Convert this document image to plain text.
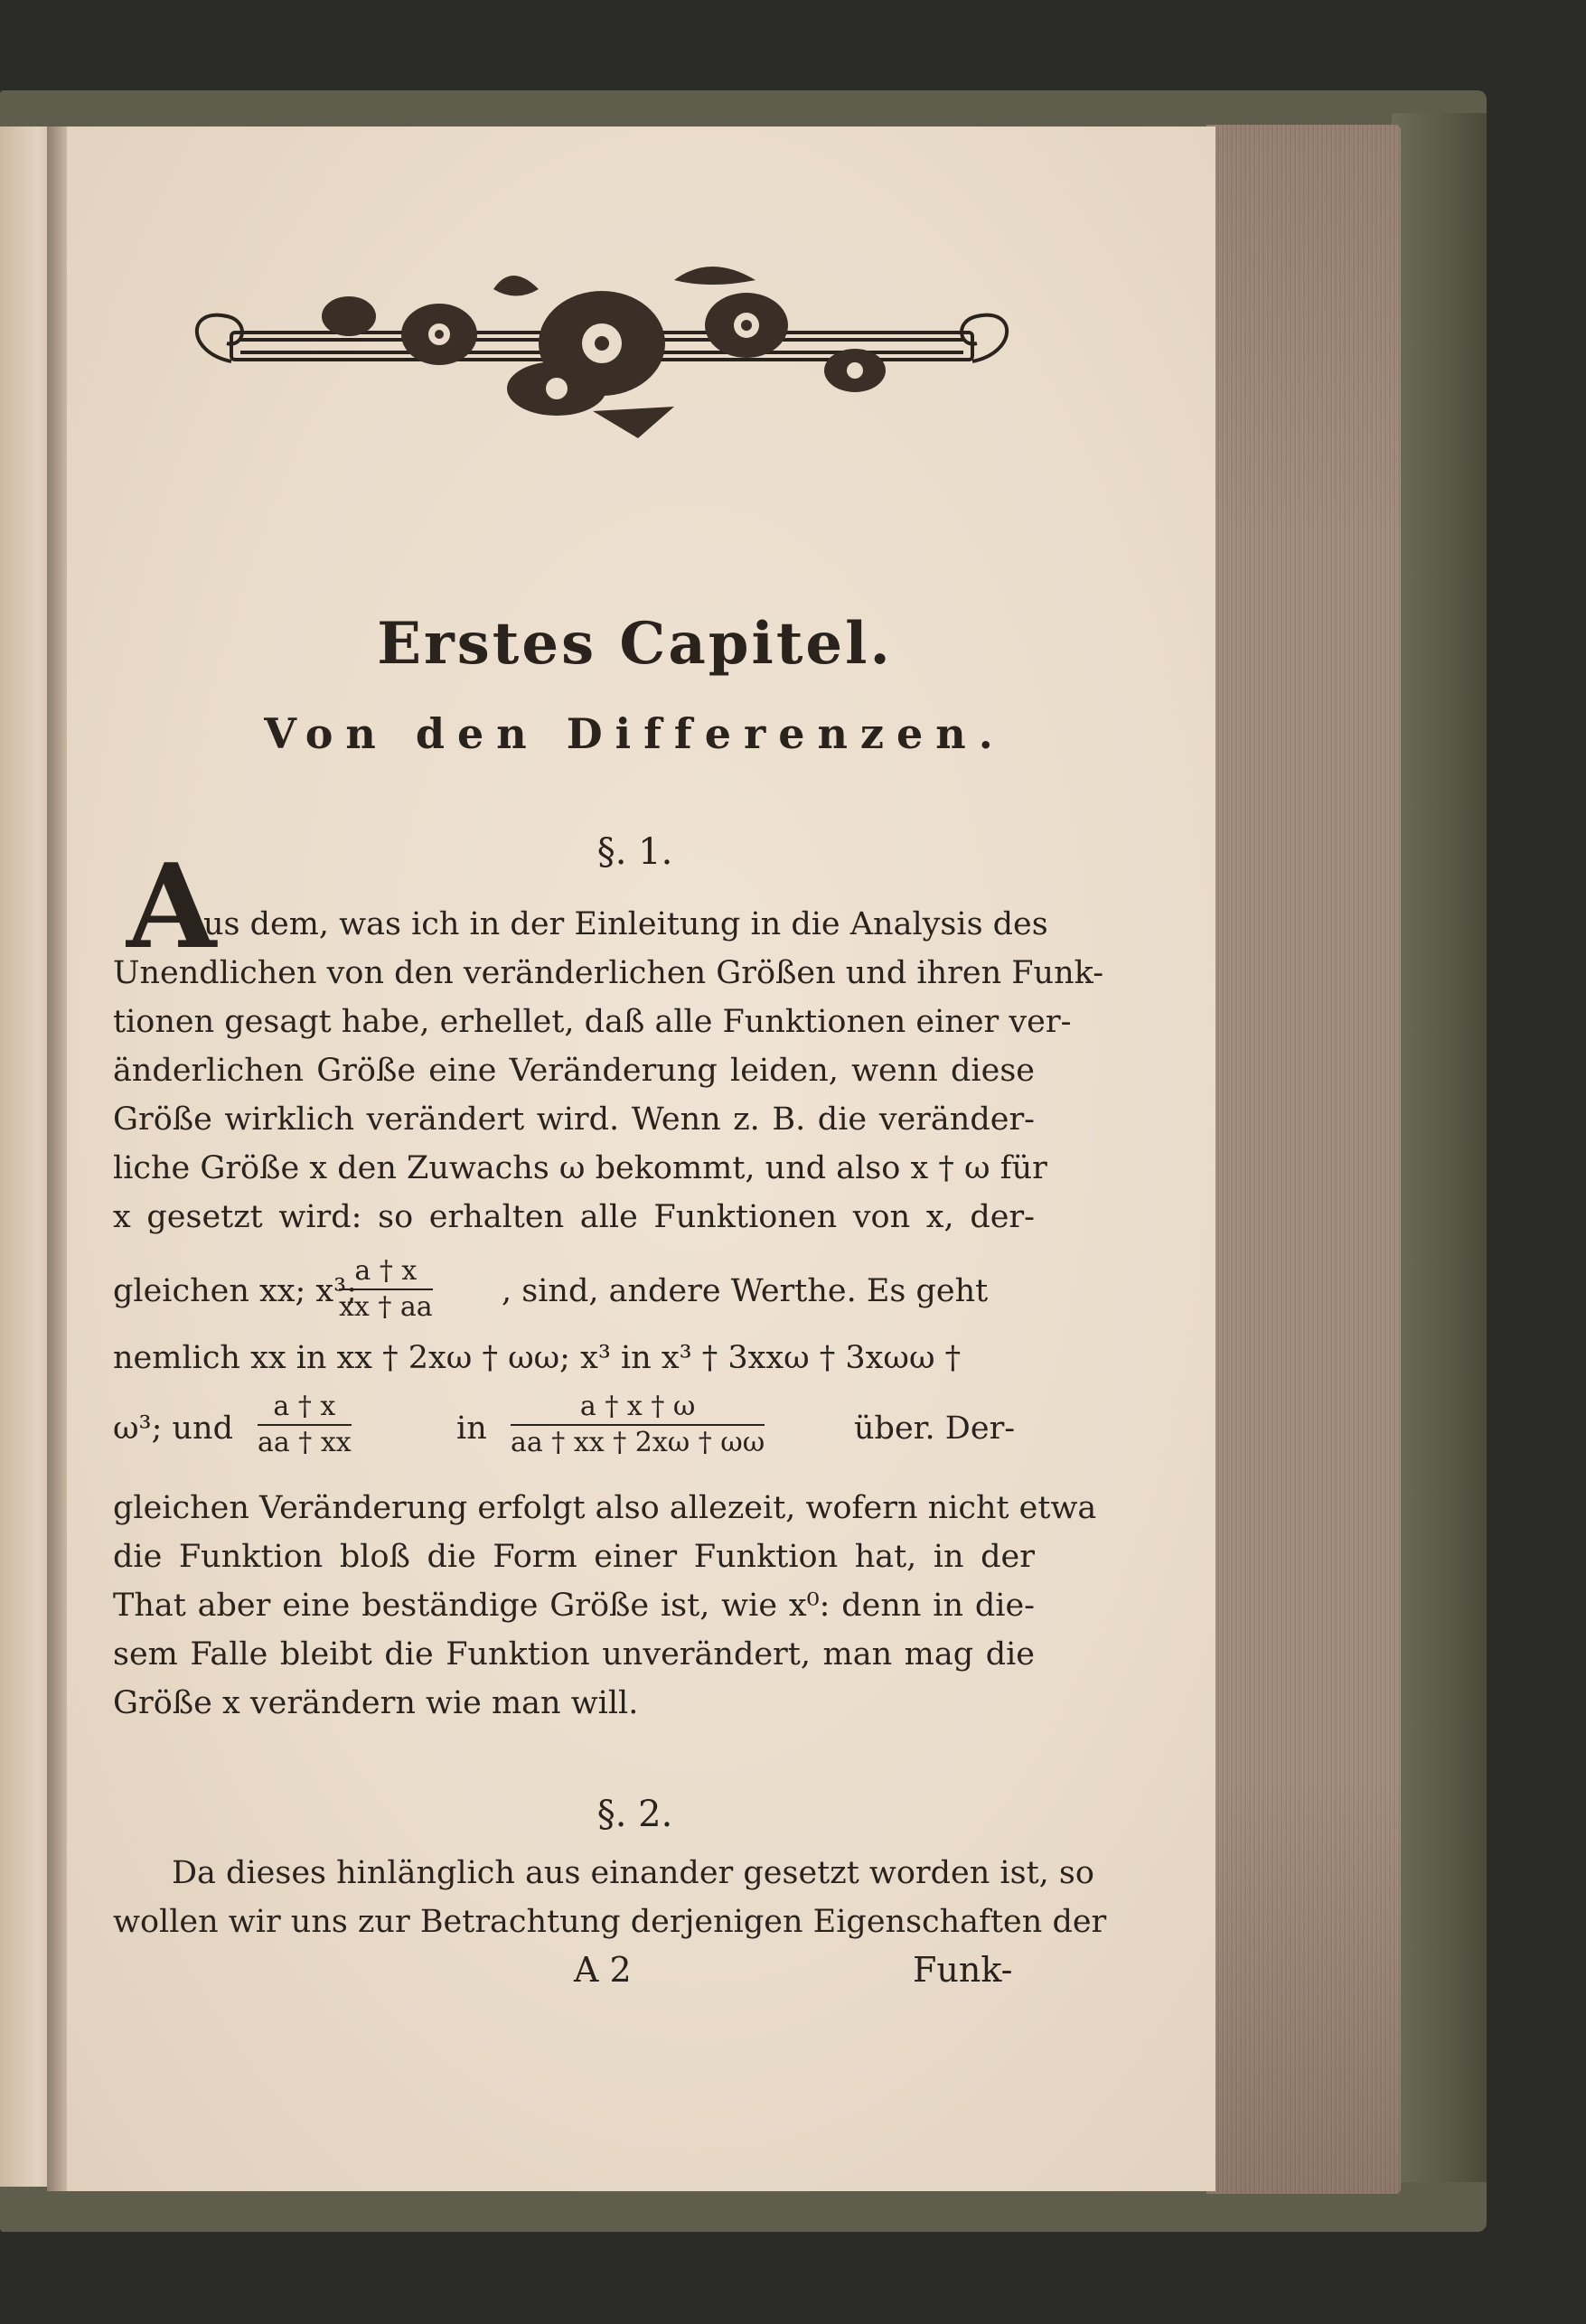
Erstes Capitel.
Von den Differenzen.
§. 1.
A
us dem, was ich in der Einleitung in die Analysis des
Unendlichen von den veränderlichen Größen und ihren Funk-
tionen gesagt habe, erhellet, daß alle Funktionen einer ver-
änderlichen Größe eine Veränderung leiden, wenn diese
Größe wirklich verändert wird. Wenn z. B. die veränder-
liche Größe x den Zuwachs ω bekommt, und also x † ω für
x gesetzt wird: so erhalten alle Funktionen von x, der-
gleichen xx; x³;
$\frac{a \dagger x}{xx \dagger aa}$ , sind, andere Werthe. Es geht
nemlich xx in xx † 2xω † ωω; x³ in x³ † 3xxω † 3xωω †
ω³; und $\frac{a \dagger x}{aa \dagger xx}$	in $\frac{a \dagger x \dagger \omega}{aa \dagger xx \dagger 2x\omega \dagger \omega\omega}$	über. Der-
gleichen Veränderung erfolgt also allezeit, wofern nicht etwa
die Funktion bloß die Form einer Funktion hat, in der
That aber eine beständige Größe ist, wie x⁰: denn in die-
sem Falle bleibt die Funktion unverändert, man mag die
Größe x verändern wie man will.
§. 2.
Da dieses hinlänglich aus einander gesetzt worden ist, so
wollen wir uns zur Betrachtung derjenigen Eigenschaften der
A 2	Funk-
